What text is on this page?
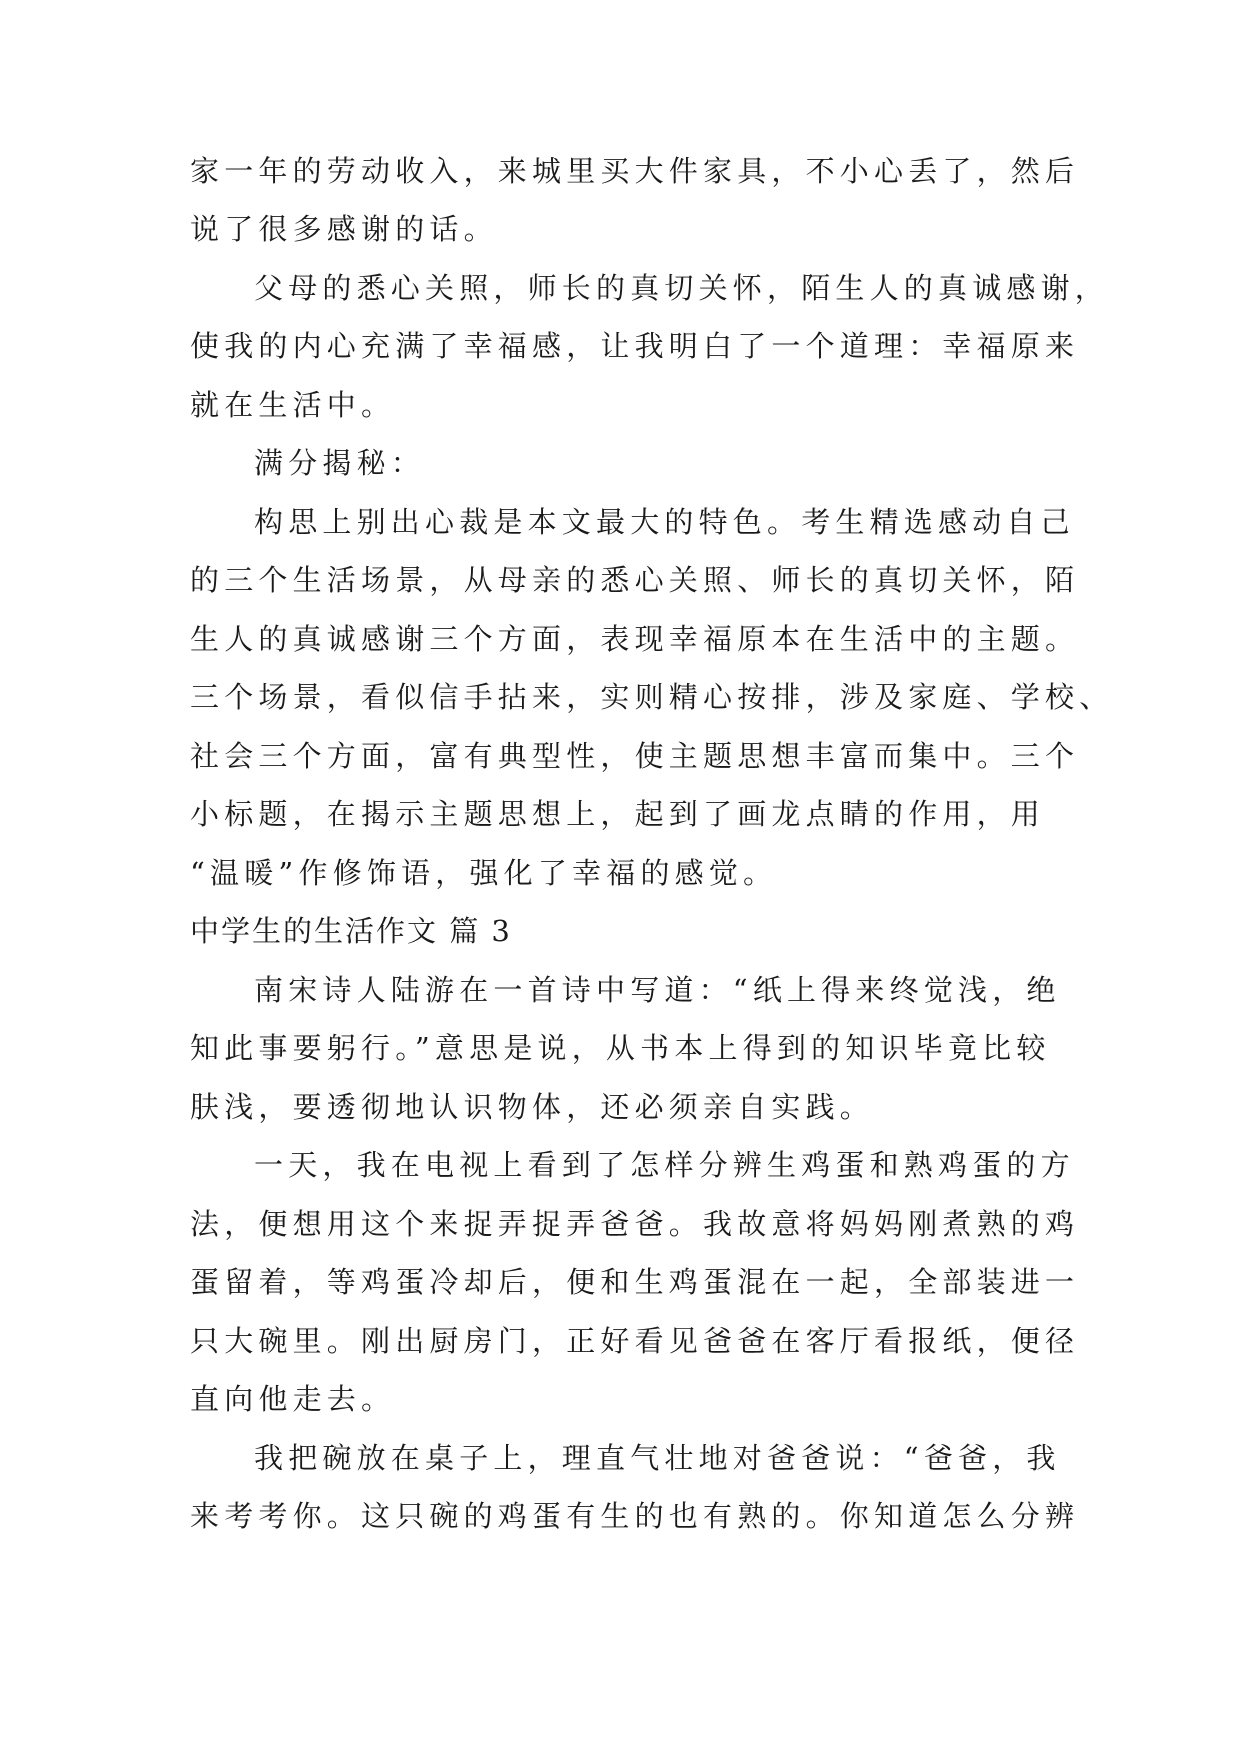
家一年的劳动收入，来城里买大件家具，不小心丢了，然后

说了很多感谢的话。

父母的悉心关照，师长的真切关怀，陌生人的真诚感谢，

使我的内心充满了幸福感，让我明白了一个道理：幸福原来

就在生活中。

满分揭秘：

构思上别出心裁是本文最大的特色。考生精选感动自己

的三个生活场景，从母亲的悉心关照、师长的真切关怀，陌

生人的真诚感谢三个方面，表现幸福原本在生活中的主题。

三个场景，看似信手拈来，实则精心按排，涉及家庭、学校、

社会三个方面，富有典型性，使主题思想丰富而集中。三个

小标题，在揭示主题思想上，起到了画龙点睛的作用，用

“温暖”作修饰语，强化了幸福的感觉。

中学生的生活作文 篇 3

南宋诗人陆游在一首诗中写道：“纸上得来终觉浅，绝

知此事要躬行。”意思是说，从书本上得到的知识毕竟比较

肤浅，要透彻地认识物体，还必须亲自实践。

一天，我在电视上看到了怎样分辨生鸡蛋和熟鸡蛋的方

法，便想用这个来捉弄捉弄爸爸。我故意将妈妈刚煮熟的鸡

蛋留着，等鸡蛋冷却后，便和生鸡蛋混在一起，全部装进一

只大碗里。刚出厨房门，正好看见爸爸在客厅看报纸，便径

直向他走去。

我把碗放在桌子上，理直气壮地对爸爸说：“爸爸，我

来考考你。这只碗的鸡蛋有生的也有熟的。你知道怎么分辨
